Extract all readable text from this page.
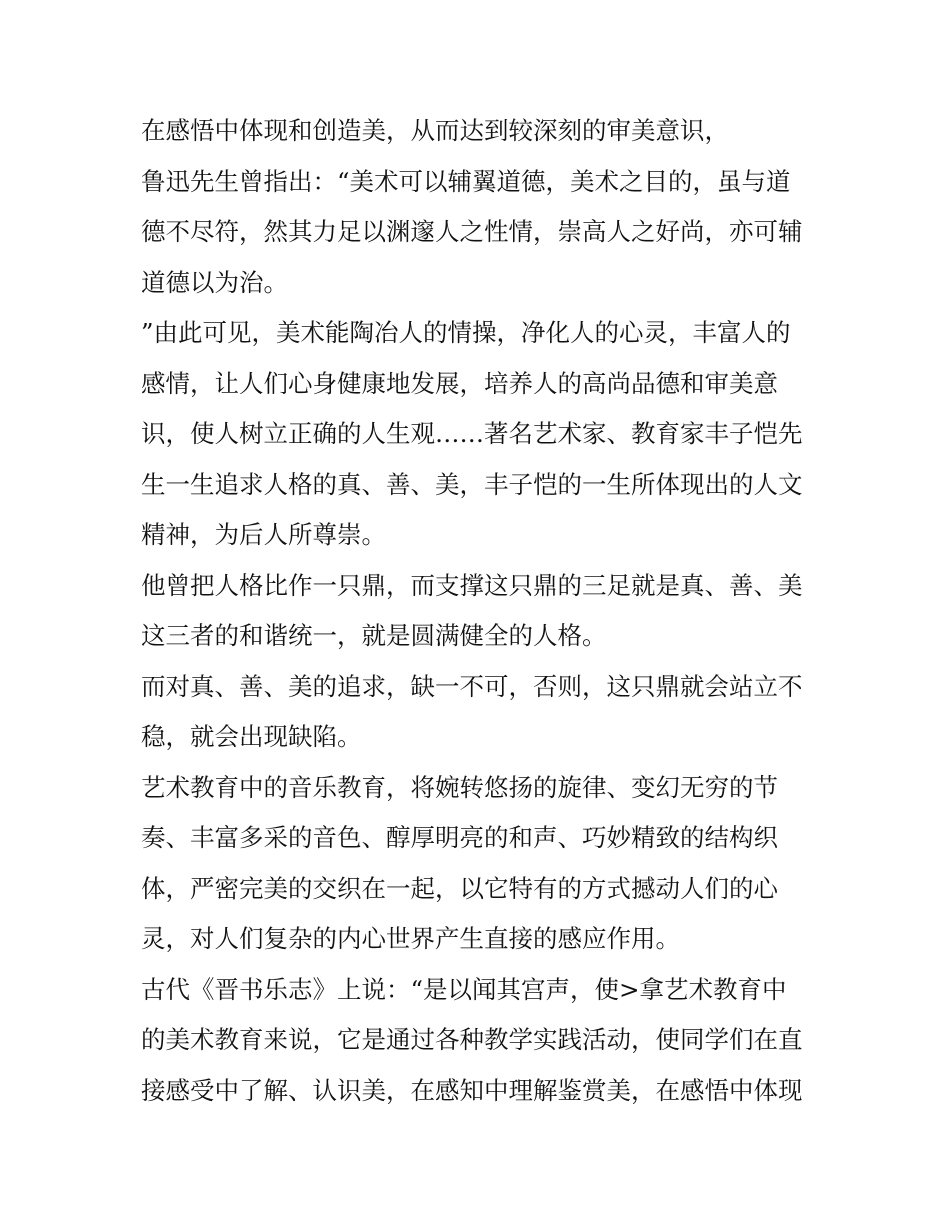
在感悟中体现和创造美，从而达到较深刻的审美意识，
鲁迅先生曾指出：“美术可以辅翼道德，美术之目的，虽与道
德不尽符，然其力足以渊邃人之性情，崇高人之好尚，亦可辅
道德以为治。
”由此可见，美术能陶冶人的情操，净化人的心灵，丰富人的
感情，让人们心身健康地发展，培养人的高尚品德和审美意
识，使人树立正确的人生观……著名艺术家、教育家丰子恺先
生一生追求人格的真、善、美，丰子恺的一生所体现出的人文
精神，为后人所尊崇。
他曾把人格比作一只鼎，而支撑这只鼎的三足就是真、善、美
这三者的和谐统一，就是圆满健全的人格。
而对真、善、美的追求，缺一不可，否则，这只鼎就会站立不
稳，就会出现缺陷。
艺术教育中的音乐教育，将婉转悠扬的旋律、变幻无穷的节
奏、丰富多采的音色、醇厚明亮的和声、巧妙精致的结构织
体，严密完美的交织在一起，以它特有的方式撼动人们的心
灵，对人们复杂的内心世界产生直接的感应作用。
古代《晋书乐志》上说：“是以闻其宫声，使>拿艺术教育中
的美术教育来说，它是通过各种教学实践活动，使同学们在直
接感受中了解、认识美，在感知中理解鉴赏美，在感悟中体现
